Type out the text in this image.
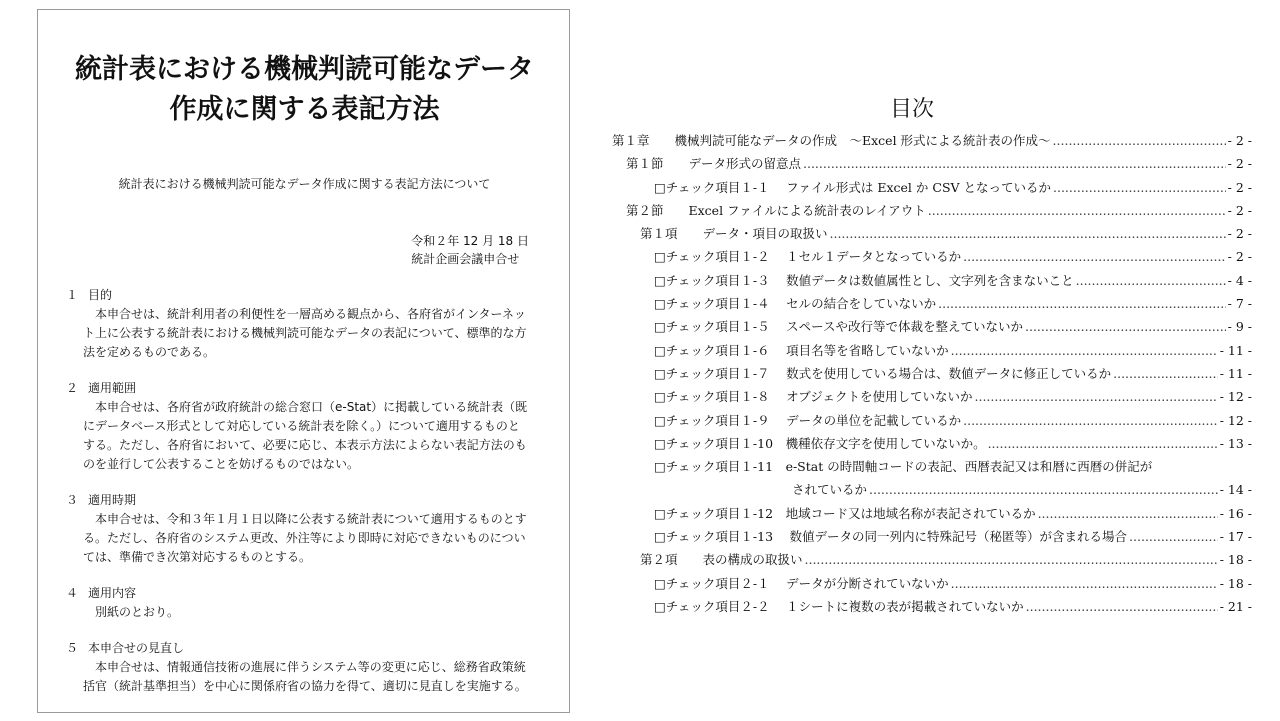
統計表における機械判読可能なデータ
作成に関する表記方法
統計表における機械判読可能なデータ作成に関する表記方法について
令和２年 12 月 18 日
統計企画会議申合せ
１ 目的
本申合せは、統計利用者の利便性を一層高める観点から、各府省がインターネッ
ト上に公表する統計表における機械判読可能なデータの表記について、標準的な方
法を定めるものである。
２ 適用範囲
本申合せは、各府省が政府統計の総合窓口（e-Stat）に掲載している統計表（既
にデータベース形式として対応している統計表を除く。）について適用するものと
する。ただし、各府省において、必要に応じ、本表示方法によらない表記方法のも
のを並行して公表することを妨げるものではない。
３ 適用時期
本申合せは、令和３年１月１日以降に公表する統計表について適用するものとす
る。ただし、各府省のシステム更改、外注等により即時に対応できないものについ
ては、準備でき次第対応するものとする。
４ 適用内容
別紙のとおり。
５ 本申合せの見直し
本申合せは、情報通信技術の進展に伴うシステム等の変更に応じ、総務省政策統
括官（統計基準担当）を中心に関係府省の協力を得て、適切に見直しを実施する。
目次
第１章　　機械判読可能なデータの作成　～Excel 形式による統計表の作成～ .....	- 2 -
第１節　　データ形式の留意点 .....	- 2 -
□チェック項目１-１　 ファイル形式は Excel か CSV となっているか .....	- 2 -
第２節　　Excel ファイルによる統計表のレイアウト .....	- 2 -
第１項　　データ・項目の取扱い .....	- 2 -
□チェック項目１-２　 １セル１データとなっているか .....	- 2 -
□チェック項目１-３　 数値データは数値属性とし、文字列を含まないこと .....	- 4 -
□チェック項目１-４　 セルの結合をしていないか .....	- 7 -
□チェック項目１-５　 スペースや改行等で体裁を整えていないか .....	- 9 -
□チェック項目１-６　 項目名等を省略していないか .....	- 11 -
□チェック項目１-７　 数式を使用している場合は、数値データに修正しているか .....	- 11 -
□チェック項目１-８　 オブジェクトを使用していないか .....	- 12 -
□チェック項目１-９　 データの単位を記載しているか .....	- 12 -
□チェック項目１-10　機種依存文字を使用していないか。 .....	- 13 -
□チェック項目１-11　e-Stat の時間軸コードの表記、西暦表記又は和暦に西暦の併記が
されているか .....	- 14 -
□チェック項目１-12　地域コード又は地域名称が表記されているか .....	- 16 -
□チェック項目１-13　 数値データの同一列内に特殊記号（秘匿等）が含まれる場合 .....	- 17 -
第２項　　表の構成の取扱い .....	- 18 -
□チェック項目２-１　 データが分断されていないか .....	- 18 -
□チェック項目２-２　 １シートに複数の表が掲載されていないか .....	- 21 -
